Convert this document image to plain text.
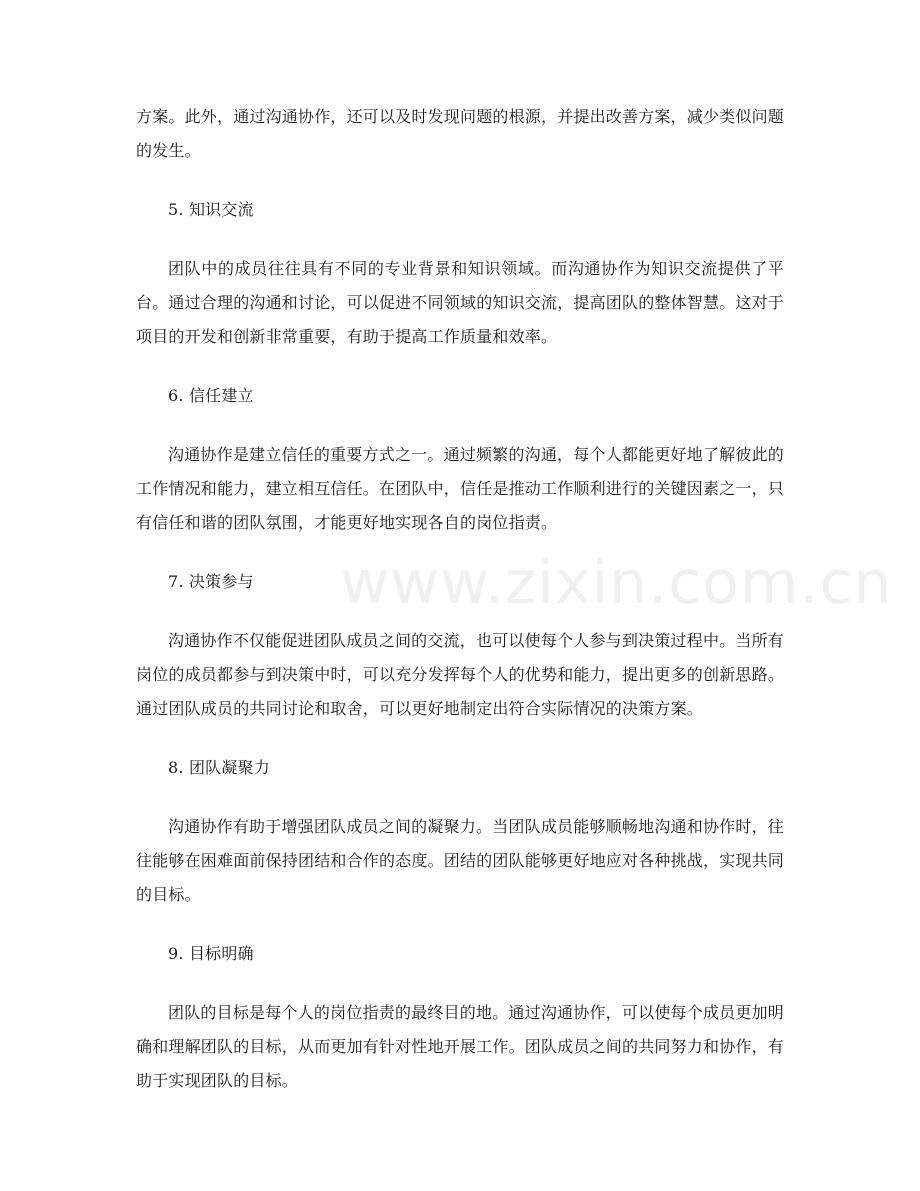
www.zixin.com.cn

方案。此外，通过沟通协作，还可以及时发现问题的根源，并提出改善方案，减少类似问题的发生。

5. 知识交流

团队中的成员往往具有不同的专业背景和知识领域。而沟通协作为知识交流提供了平台。通过合理的沟通和讨论，可以促进不同领域的知识交流，提高团队的整体智慧。这对于项目的开发和创新非常重要，有助于提高工作质量和效率。

6. 信任建立

沟通协作是建立信任的重要方式之一。通过频繁的沟通，每个人都能更好地了解彼此的工作情况和能力，建立相互信任。在团队中，信任是推动工作顺利进行的关键因素之一，只有信任和谐的团队氛围，才能更好地实现各自的岗位指责。

7. 决策参与

沟通协作不仅能促进团队成员之间的交流，也可以使每个人参与到决策过程中。当所有岗位的成员都参与到决策中时，可以充分发挥每个人的优势和能力，提出更多的创新思路。通过团队成员的共同讨论和取舍，可以更好地制定出符合实际情况的决策方案。

8. 团队凝聚力

沟通协作有助于增强团队成员之间的凝聚力。当团队成员能够顺畅地沟通和协作时，往往能够在困难面前保持团结和合作的态度。团结的团队能够更好地应对各种挑战，实现共同的目标。

9. 目标明确

团队的目标是每个人的岗位指责的最终目的地。通过沟通协作，可以使每个成员更加明确和理解团队的目标，从而更加有针对性地开展工作。团队成员之间的共同努力和协作，有助于实现团队的目标。
